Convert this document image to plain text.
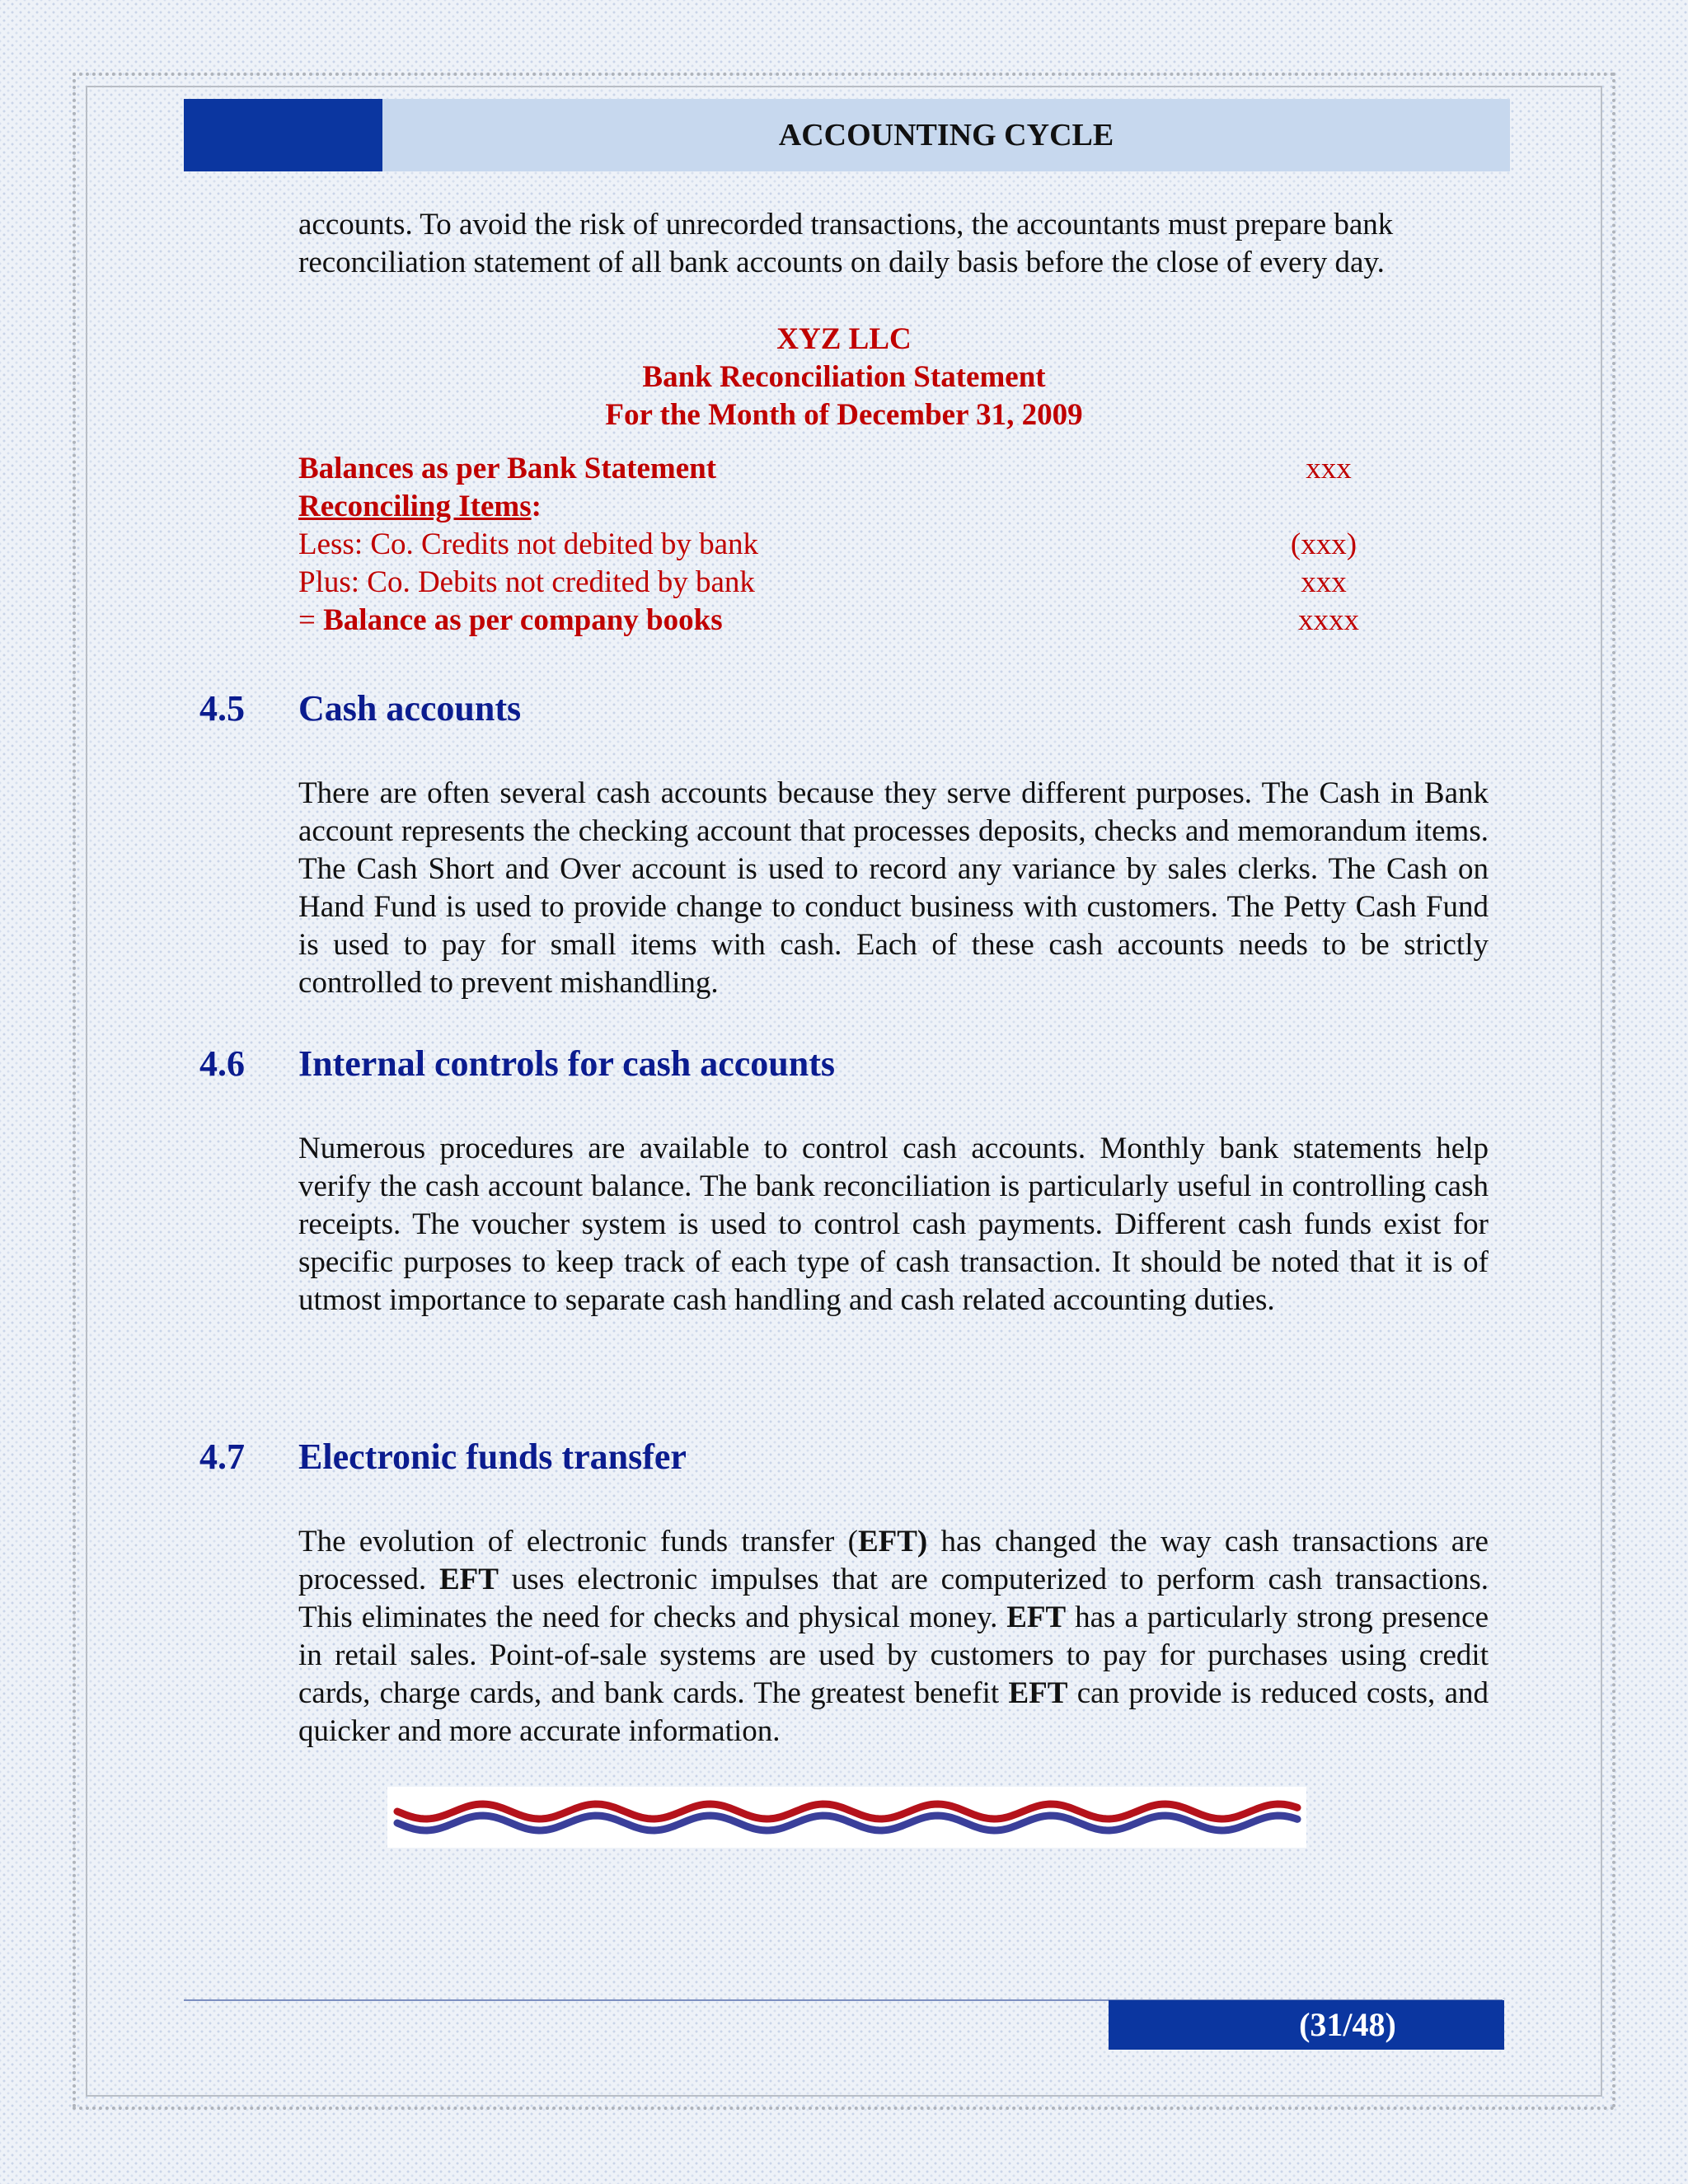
ACCOUNTING CYCLE
accounts. To avoid the risk of unrecorded transactions, the accountants must prepare bank
reconciliation statement of all bank accounts on daily basis before the close of every day.
XYZ LLC
Bank Reconciliation Statement
For the Month of December 31, 2009
Balances as per Bank Statement	xxx
Reconciling Items:
Less: Co. Credits not debited by bank	(xxx)
Plus: Co. Debits not credited by bank	xxx
= Balance as per company books	xxxx
4.5 Cash accounts
There are often several cash accounts because they serve different purposes. The Cash in Bank account represents the checking account that processes deposits, checks and memorandum items. The Cash Short and Over account is used to record any variance by sales clerks. The Cash on Hand Fund is used to provide change to conduct business with customers. The Petty Cash Fund is used to pay for small items with cash. Each of these cash accounts needs to be strictly controlled to prevent mishandling.
4.6 Internal controls for cash accounts
Numerous procedures are available to control cash accounts. Monthly bank statements help verify the cash account balance. The bank reconciliation is particularly useful in controlling cash receipts. The voucher system is used to control cash payments. Different cash funds exist for specific purposes to keep track of each type of cash transaction. It should be noted that it is of utmost importance to separate cash handling and cash related accounting duties.
4.7 Electronic funds transfer
The evolution of electronic funds transfer (EFT) has changed the way cash transactions are processed. EFT uses electronic impulses that are computerized to perform cash transactions. This eliminates the need for checks and physical money. EFT has a particularly strong presence in retail sales. Point-of-sale systems are used by customers to pay for purchases using credit cards, charge cards, and bank cards. The greatest benefit EFT can provide is reduced costs, and quicker and more accurate information.
(31/48)
